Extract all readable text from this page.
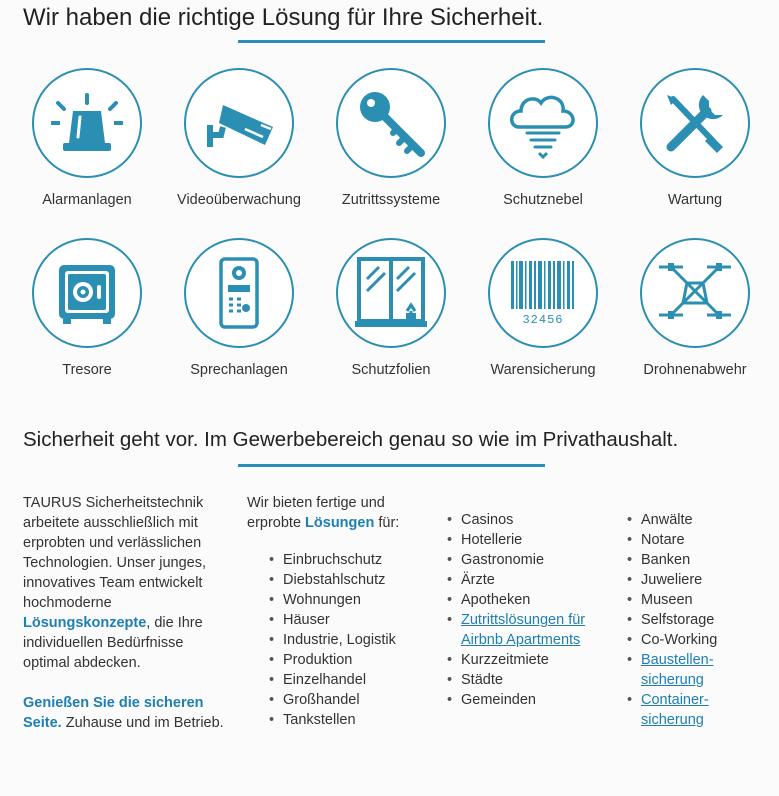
Wir haben die richtige Lösung für Ihre Sicherheit.
Alarmanlagen	Videoüberwachung	Zutrittssysteme	Schutznebel	Wartung
Tresore	Sprechanlagen	Schutzfolien
32456
Warensicherung	Drohnenabwehr
Sicherheit geht vor. Im Gewerbebereich genau so wie im Privathaushalt.

TAURUS Sicherheitstechnik arbeitete ausschließlich mit erprobten und verlässlichen Technologien. Unser junges, innovatives Team entwickelt hochmoderne Lösungskonzepte, die Ihre individuellen Bedürfnisse optimal abdecken.

Genießen Sie die sicheren Seite. Zuhause und im Betrieb.

Wir bieten fertige und  erprobte Lösungen für:

• Einbruchschutz
• Diebstahlschutz
• Wohnungen
• Häuser
• Industrie, Logistik
• Produktion
• Einzelhandel
• Großhandel
• Tankstellen
• Casinos
• Hotellerie
• Gastronomie
• Ärzte
• Apotheken
• Zutrittslösungen für Airbnb Apartments
• Kurzzeitmiete
• Städte
• Gemeinden
• Anwälte
• Notare
• Banken
• Juweliere
• Museen
• Selfstorage
• Co-Working
• Baustellen-sicherung
• Container-sicherung
